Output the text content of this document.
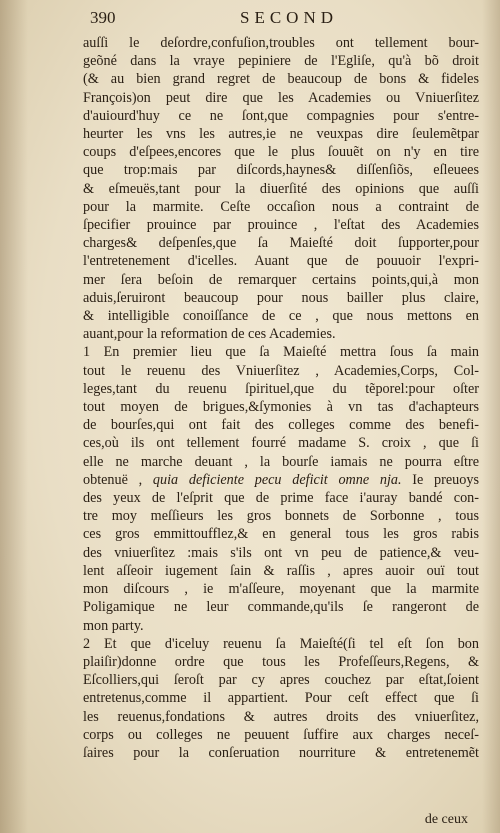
390	SECOND
auſſi le deſordre,confuſion,troubles ont tellement bour-
geõné dans la vraye pepiniere de l'Egliſe, qu'à bõ droit
(& au bien grand regret de beaucoup de bons & fideles
François)on peut dire que les Academies ou Vniuerſitez
d'auiourd'huy ce ne ſont,que compagnies pour s'entre-
heurter les vns les autres,ie ne veuxpas dire ſeulemẽtpar
coups d'eſpees,encores que le plus ſouuẽt on n'y en tire
que trop:mais par diſcords,haynes& diſſenſiõs, eſleuees
& eſmeuës,tant pour la diuerſité des opinions que auſſi
pour la marmite. Ceſte occaſion nous a contraint de
ſpecifier prouince par prouince , l'eſtat des Academies
charges& deſpenſes,que ſa Maieſté doit ſupporter,pour
l'entretenement d'icelles. Auant que de pouuoir l'expri-
mer ſera beſoin de remarquer certains points,qui,à mon
aduis,ſeruiront beaucoup pour nous bailler plus claire,
& intelligible conoiſſance de ce , que nous mettons en
auant,pour la reformation de ces Academies.
1 En premier lieu que ſa Maieſté mettra ſous ſa main
tout le reuenu des Vniuerſitez , Academies,Corps, Col-
leges,tant du reuenu ſpirituel,que du tẽporel:pour oſter
tout moyen de brigues,&ſymonies à vn tas d'achapteurs
de bourſes,qui ont fait des colleges comme des benefi-
ces,où ils ont tellement fourré madame S. croix , que ſi
elle ne marche deuant , la bourſe iamais ne pourra eſtre
obtenuë , quia deficiente pecu deficit omne nja. Ie preuoys
des yeux de l'eſprit que de prime face i'auray bandé con-
tre moy meſſieurs les gros bonnets de Sorbonne , tous
ces gros emmittoufflez,& en general tous les gros rabis
des vniuerſitez :mais s'ils ont vn peu de patience,& veu-
lent aſſeoir iugement ſain & raſſis , apres auoir ouï tout
mon diſcours , ie m'aſſeure, moyenant que la marmite
Poligamique ne leur commande,qu'ils ſe rangeront de
mon party.
2 Et que d'iceluy reuenu ſa Maieſté(ſi tel eſt ſon bon
plaiſir)donne ordre que tous les Profeſſeurs,Regens, &
Eſcolliers,qui ſeroſt par cy apres couchez par eſtat,ſoient
entretenus,comme il appartient. Pour ceſt effect que ſi
les reuenus,fondations & autres droits des vniuerſitez,
corps ou colleges ne peuuent ſuffire aux charges neceſ-
ſaires pour la conſeruation nourriture & entretenemẽt
de ceux
